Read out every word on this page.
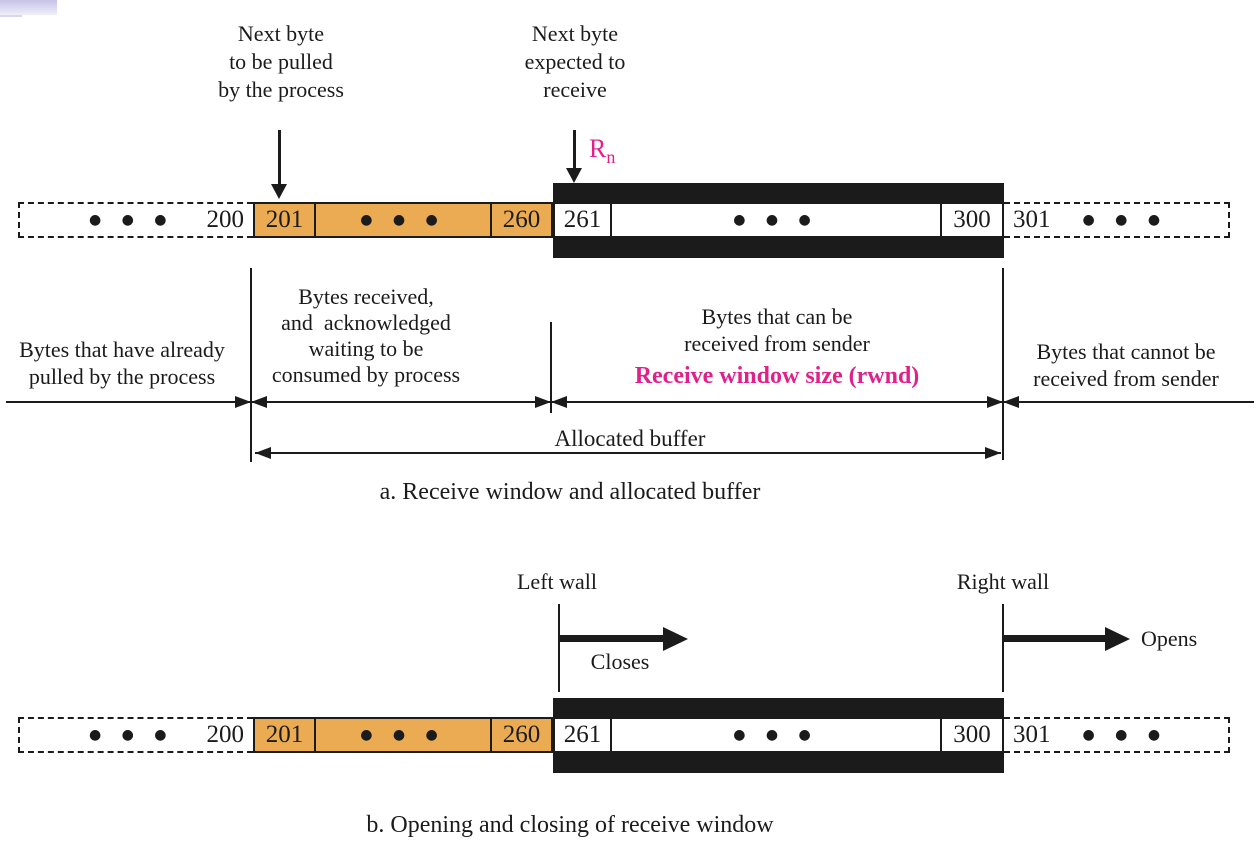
Next byte
to be pulled
by the process
Next byte
expected to
receive
$R_n$
● ● ● 200 201	● ● ●	260 261	● ● ●	300 301 ● ● ●
Bytes that have already
pulled by the process
Bytes received,
and  acknowledged
waiting to be
consumed by process
Bytes that can be
received from sender
Receive window size (rwnd)
Bytes that cannot be
received from sender
Allocated buffer
a. Receive window and allocated buffer
Left wall	Right wall
Closes
Opens
● ● ● 200 201	● ● ●	260 261	● ● ●	300 301 ● ● ●
b. Opening and closing of receive window
